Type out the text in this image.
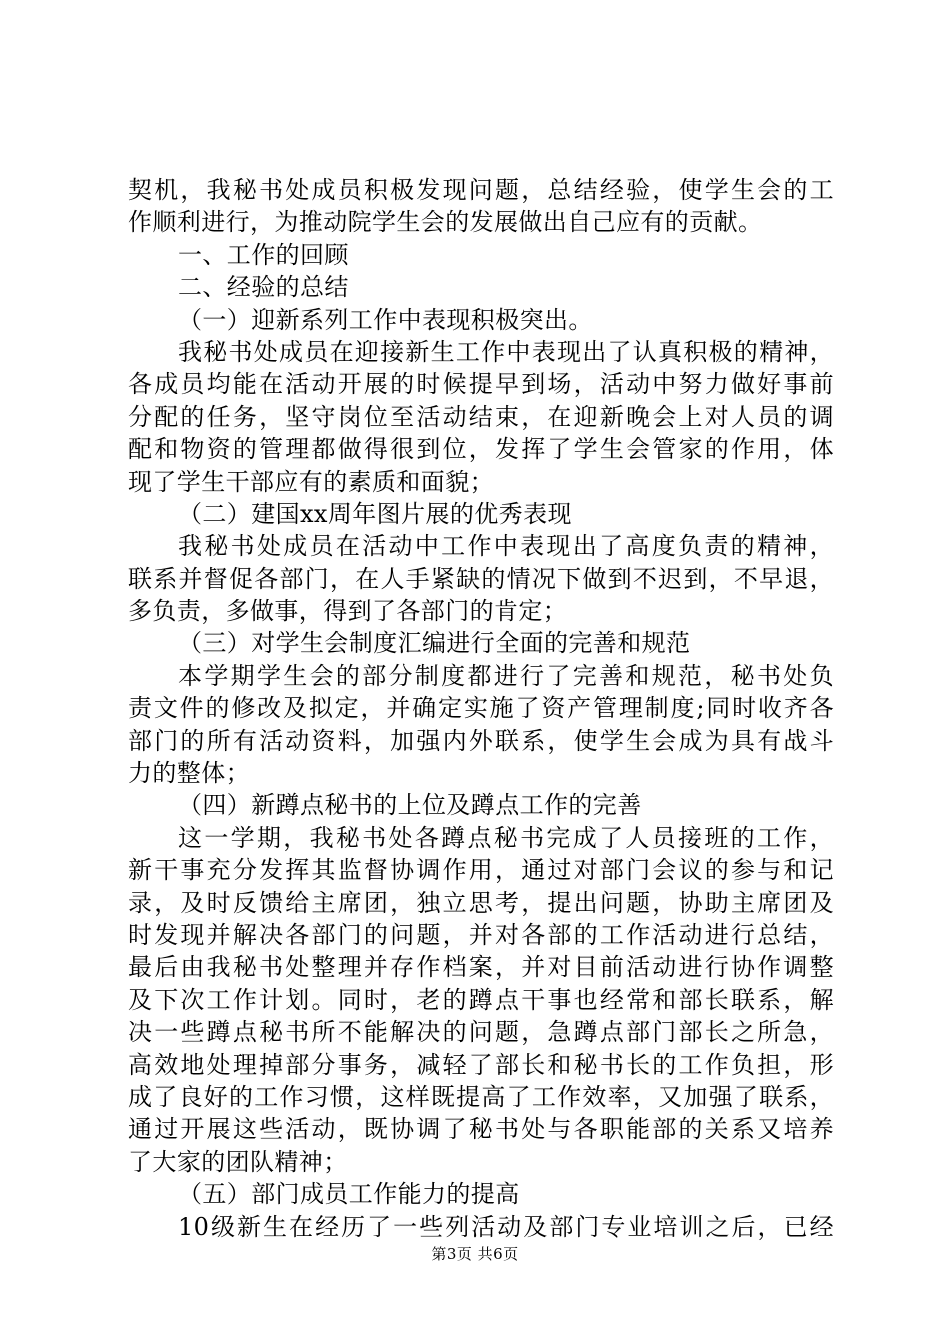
契机，我秘书处成员积极发现问题，总结经验，使学生会的工
作顺利进行，为推动院学生会的发展做出自己应有的贡献。
一、工作的回顾
二、经验的总结
（一）迎新系列工作中表现积极突出。
我秘书处成员在迎接新生工作中表现出了认真积极的精神，
各成员均能在活动开展的时候提早到场，活动中努力做好事前
分配的任务，坚守岗位至活动结束，在迎新晚会上对人员的调
配和物资的管理都做得很到位，发挥了学生会管家的作用，体
现了学生干部应有的素质和面貌；
（二）建国xx周年图片展的优秀表现
我秘书处成员在活动中工作中表现出了高度负责的精神，
联系并督促各部门，在人手紧缺的情况下做到不迟到，不早退，
多负责，多做事，得到了各部门的肯定；
（三）对学生会制度汇编进行全面的完善和规范
本学期学生会的部分制度都进行了完善和规范，秘书处负
责文件的修改及拟定，并确定实施了资产管理制度;同时收齐各
部门的所有活动资料，加强内外联系，使学生会成为具有战斗
力的整体；
（四）新蹲点秘书的上位及蹲点工作的完善
这一学期，我秘书处各蹲点秘书完成了人员接班的工作，
新干事充分发挥其监督协调作用，通过对部门会议的参与和记
录，及时反馈给主席团，独立思考，提出问题，协助主席团及
时发现并解决各部门的问题，并对各部的工作活动进行总结，
最后由我秘书处整理并存作档案，并对目前活动进行协作调整
及下次工作计划。同时，老的蹲点干事也经常和部长联系，解
决一些蹲点秘书所不能解决的问题，急蹲点部门部长之所急，
高效地处理掉部分事务，减轻了部长和秘书长的工作负担，形
成了良好的工作习惯，这样既提高了工作效率，又加强了联系，
通过开展这些活动，既协调了秘书处与各职能部的关系又培养
了大家的团队精神；
（五）部门成员工作能力的提高
10级新生在经历了一些列活动及部门专业培训之后，已经
第3页 共6页
